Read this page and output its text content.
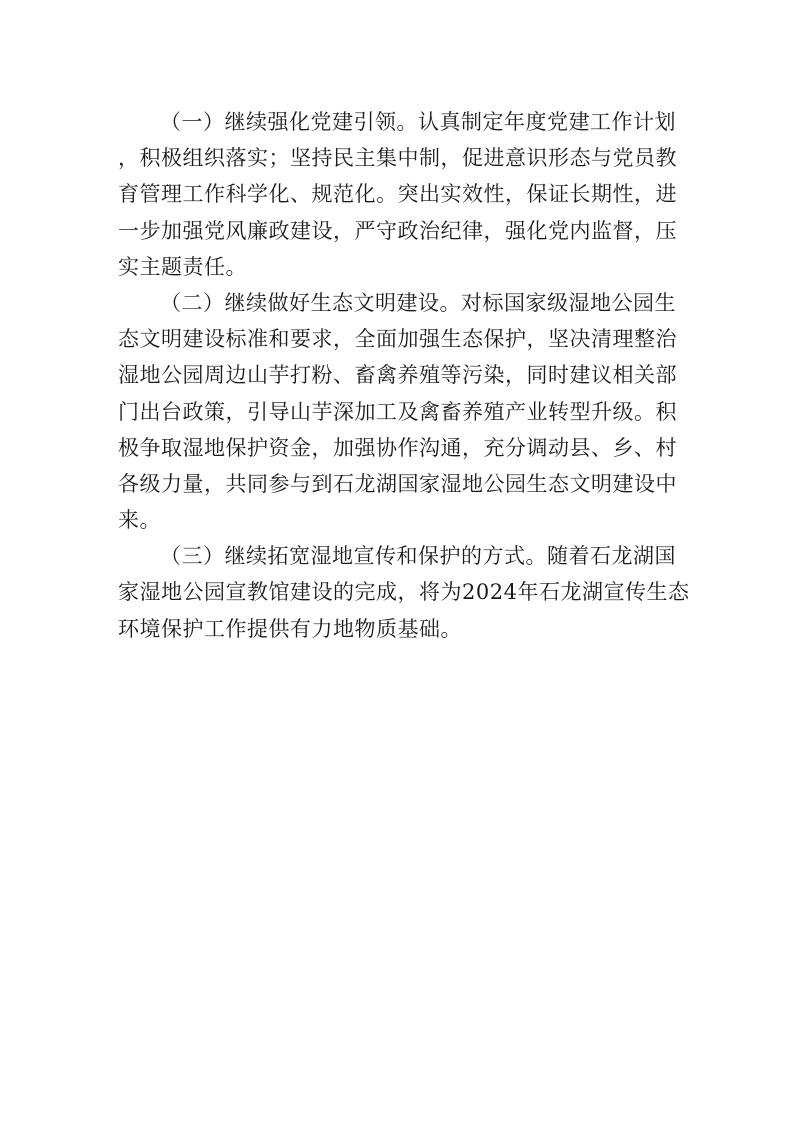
（一）继续强化党建引领。认真制定年度党建工作计划
，积极组织落实；坚持民主集中制，促进意识形态与党员教
育管理工作科学化、规范化。突出实效性，保证长期性，进
一步加强党风廉政建设，严守政治纪律，强化党内监督，压
实主题责任。
（二）继续做好生态文明建设。对标国家级湿地公园生
态文明建设标准和要求，全面加强生态保护，坚决清理整治
湿地公园周边山芋打粉、畜禽养殖等污染，同时建议相关部
门出台政策，引导山芋深加工及禽畜养殖产业转型升级。积
极争取湿地保护资金，加强协作沟通，充分调动县、乡、村
各级力量，共同参与到石龙湖国家湿地公园生态文明建设中
来。
（三）继续拓宽湿地宣传和保护的方式。随着石龙湖国
家湿地公园宣教馆建设的完成，将为2024年石龙湖宣传生态
环境保护工作提供有力地物质基础。
